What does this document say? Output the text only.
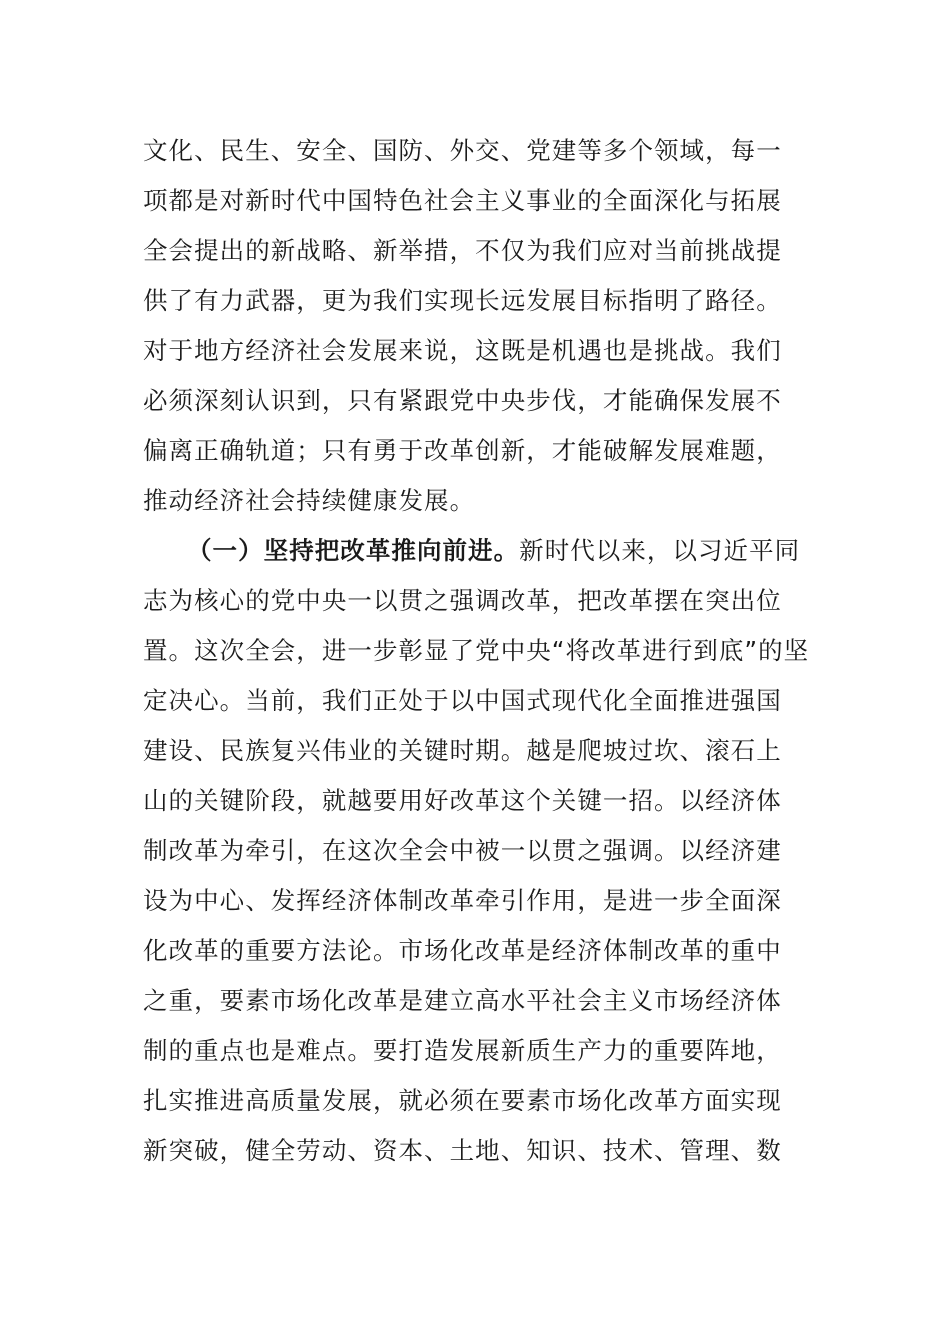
文化、民生、安全、国防、外交、党建等多个领域，每一
项都是对新时代中国特色社会主义事业的全面深化与拓展
全会提出的新战略、新举措，不仅为我们应对当前挑战提
供了有力武器，更为我们实现长远发展目标指明了路径。
对于地方经济社会发展来说，这既是机遇也是挑战。我们
必须深刻认识到，只有紧跟党中央步伐，才能确保发展不
偏离正确轨道；只有勇于改革创新，才能破解发展难题，
推动经济社会持续健康发展。
（一）坚持把改革推向前进。新时代以来，以习近平同
志为核心的党中央一以贯之强调改革，把改革摆在突出位
置。这次全会，进一步彰显了党中央“将改革进行到底”的坚
定决心。当前，我们正处于以中国式现代化全面推进强国
建设、民族复兴伟业的关键时期。越是爬坡过坎、滚石上
山的关键阶段，就越要用好改革这个关键一招。以经济体
制改革为牵引，在这次全会中被一以贯之强调。以经济建
设为中心、发挥经济体制改革牵引作用，是进一步全面深
化改革的重要方法论。市场化改革是经济体制改革的重中
之重，要素市场化改革是建立高水平社会主义市场经济体
制的重点也是难点。要打造发展新质生产力的重要阵地，
扎实推进高质量发展，就必须在要素市场化改革方面实现
新突破，健全劳动、资本、土地、知识、技术、管理、数
